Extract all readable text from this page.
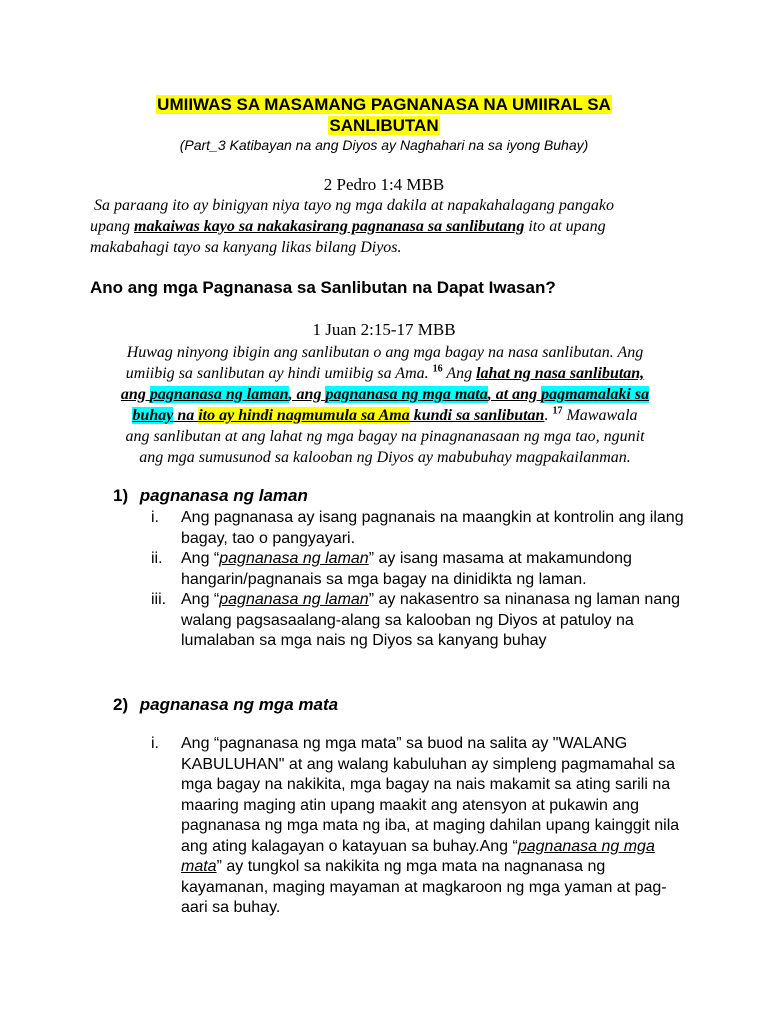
UMIIWAS SA MASAMANG PAGNANASA NA UMIIRAL SA
SANLIBUTAN
(Part_3 Katibayan na ang Diyos ay Naghahari na sa iyong Buhay)
2 Pedro 1:4 MBB
Sa paraang ito ay binigyan niya tayo ng mga dakila at napakahalagang pangako
upang makaiwas kayo sa nakakasirang pagnanasa sa sanlibutang ito at upang
makabahagi tayo sa kanyang likas bilang Diyos.
Ano ang mga Pagnanasa sa Sanlibutan na Dapat Iwasan?
1 Juan 2:15-17 MBB
Huwag ninyong ibigin ang sanlibutan o ang mga bagay na nasa sanlibutan. Ang
umiibig sa sanlibutan ay hindi umiibig sa Ama. $^{16}$ Ang lahat ng nasa sanlibutan,
ang pagnanasa ng laman, ang pagnanasa ng mga mata, at ang pagmamalaki sa
buhay na ito ay hindi nagmumula sa Ama kundi sa sanlibutan. $^{17}$ Mawawala
ang sanlibutan at ang lahat ng mga bagay na pinagnanasaan ng mga tao, ngunit
ang mga sumusunod sa kalooban ng Diyos ay mabubuhay magpakailanman.
1) pagnanasa ng laman
i.	Ang pagnanasa ay isang pagnanais na maangkin at kontrolin ang ilang bagay, tao o pangyayari.
ii.	Ang “pagnanasa ng laman” ay isang masama at makamundong hangarin/pagnanais sa mga bagay na dinidikta ng laman.
iii. Ang “pagnanasa ng laman” ay nakasentro sa ninanasa ng laman nang walang pagsasaalang-alang sa kalooban ng Diyos at patuloy na lumalaban sa mga nais ng Diyos sa kanyang buhay
2) pagnanasa ng mga mata
i.	Ang “pagnanasa ng mga mata” sa buod na salita ay "WALANG KABULUHAN" at ang walang kabuluhan ay simpleng pagmamahal sa mga bagay na nakikita, mga bagay na nais makamit sa ating sarili na maaring maging atin upang maakit ang atensyon at pukawin ang pagnanasa ng mga mata ng iba, at maging dahilan upang kainggit nila ang ating kalagayan o katayuan sa buhay.Ang “pagnanasa ng mga mata” ay tungkol sa nakikita ng mga mata na nagnanasa ng kayamanan, maging mayaman at magkaroon ng mga yaman at pag-aari sa buhay.
